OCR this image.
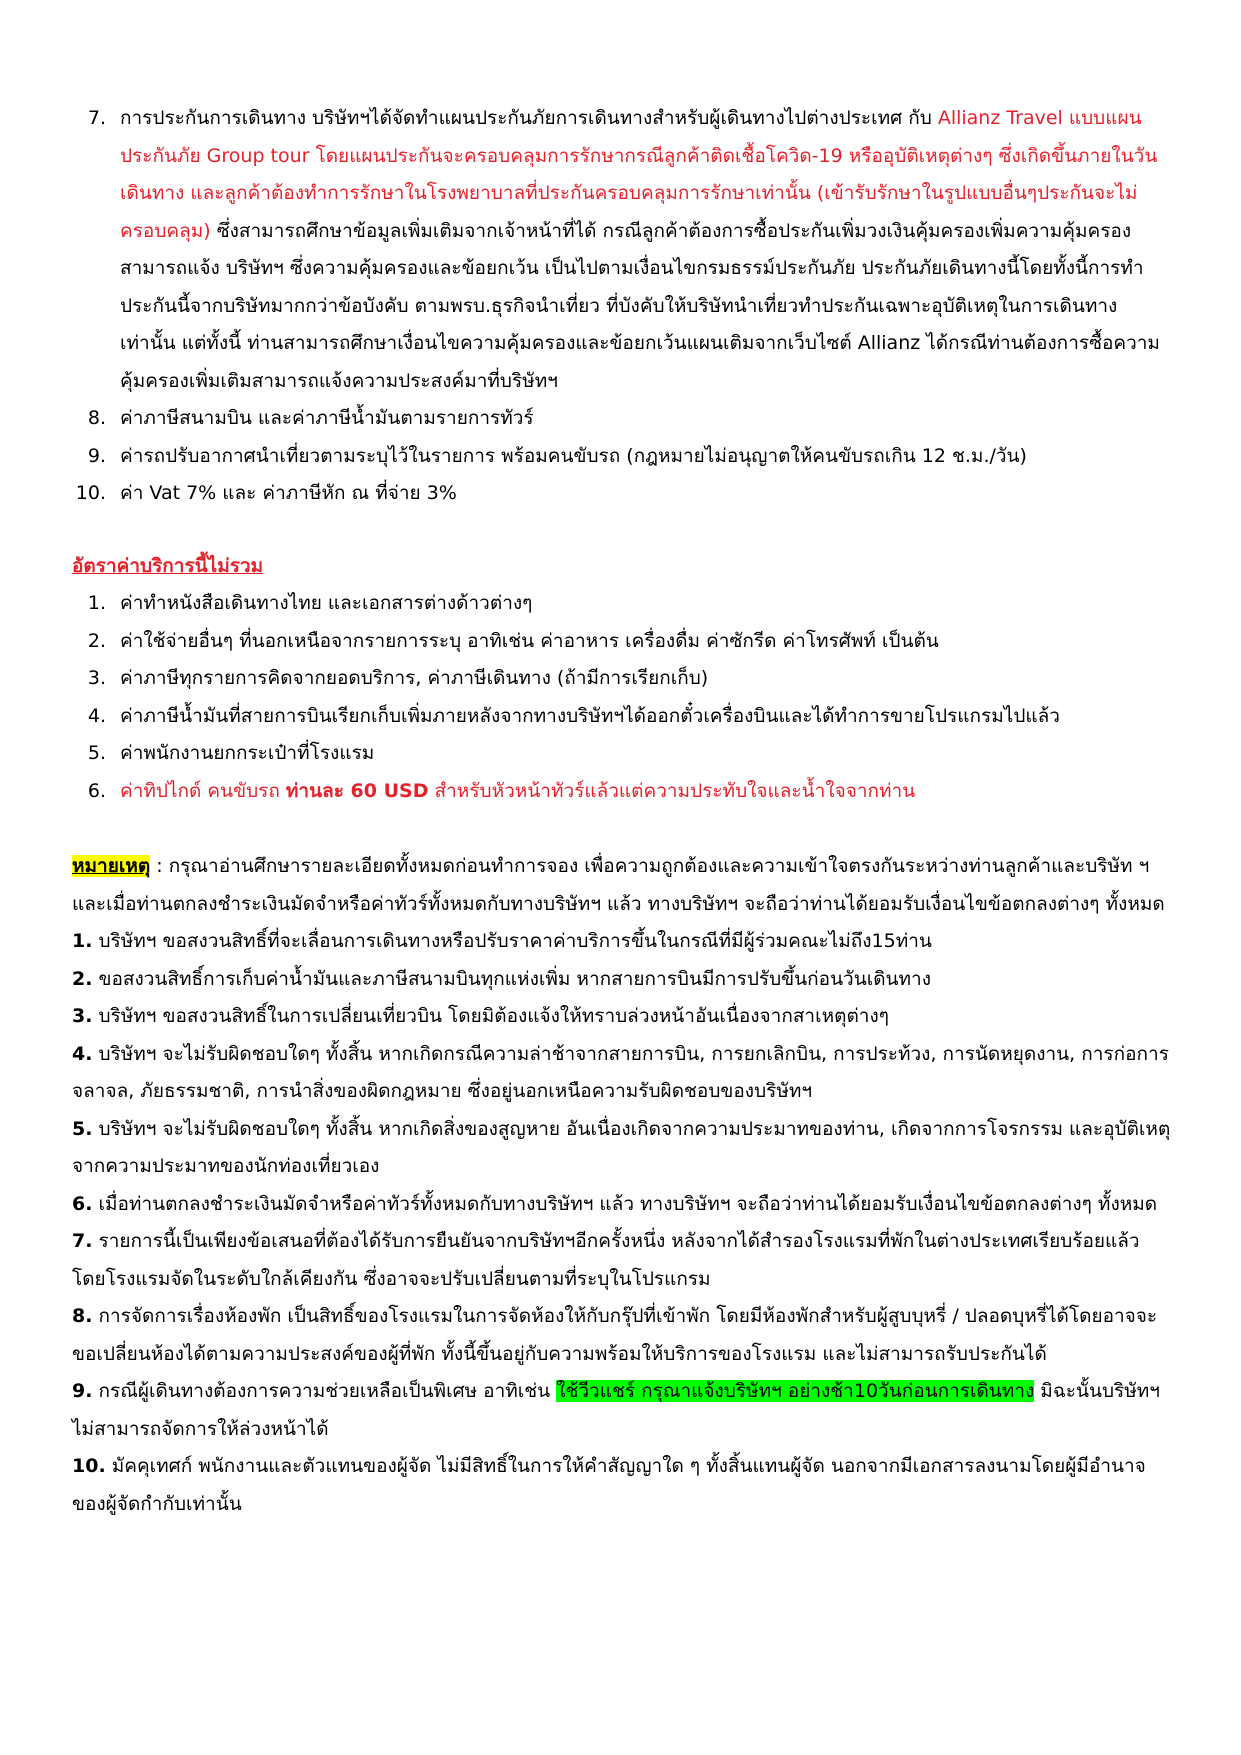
7. การประกันการเดินทาง บริษัทฯได้จัดทำแผนประกันภัยการเดินทางสำหรับผู้เดินทางไปต่างประเทศ กับ Allianz Travel แบบแผนประกันภัย Group tour โดยแผนประกันจะครอบคลุมการรักษากรณีลูกค้าติดเชื้อโควิด-19 หรืออุบัติเหตุต่างๆ ซึ่งเกิดขึ้นภายในวันเดินทาง และลูกค้าต้องทำการรักษาในโรงพยาบาลที่ประกันครอบคลุมการรักษาเท่านั้น (เข้ารับรักษาในรูปแบบอื่นๆประกันจะไม่ครอบคลุม) ซึ่งสามารถศึกษาข้อมูลเพิ่มเติมจากเจ้าหน้าที่ได้ กรณีลูกค้าต้องการซื้อประกันเพิ่มวงเงินคุ้มครองเพิ่มความคุ้มครอง สามารถแจ้ง บริษัทฯ ซึ่งความคุ้มครองและข้อยกเว้น เป็นไปตามเงื่อนไขกรมธรรม์ประกันภัย ประกันภัยเดินทางนี้โดยทั้งนี้การทำประกันนี้จากบริษัทมากกว่าข้อบังคับ ตามพรบ.ธุรกิจนำเที่ยว ที่บังคับให้บริษัทนำเที่ยวทำประกันเฉพาะอุบัติเหตุในการเดินทางเท่านั้น แต่ทั้งนี้ ท่านสามารถศึกษาเงื่อนไขความคุ้มครองและข้อยกเว้นแผนเติมจากเว็บไซต์ Allianz ได้กรณีท่านต้องการซื้อความคุ้มครองเพิ่มเติมสามารถแจ้งความประสงค์มาที่บริษัทฯ
8. ค่าภาษีสนามบิน และค่าภาษีน้ำมันตามรายการทัวร์
9. ค่ารถปรับอากาศนำเที่ยวตามระบุไว้ในรายการ พร้อมคนขับรถ (กฎหมายไม่อนุญาตให้คนขับรถเกิน 12 ช.ม./วัน)
10. ค่า Vat 7% และ ค่าภาษีหัก ณ ที่จ่าย 3%
อัตราค่าบริการนี้ไม่รวม
1. ค่าทำหนังสือเดินทางไทย และเอกสารต่างด้าวต่างๆ
2. ค่าใช้จ่ายอื่นๆ ที่นอกเหนือจากรายการระบุ อาทิเช่น ค่าอาหาร เครื่องดื่ม ค่าซักรีด ค่าโทรศัพท์ เป็นต้น
3. ค่าภาษีทุกรายการคิดจากยอดบริการ, ค่าภาษีเดินทาง (ถ้ามีการเรียกเก็บ)
4. ค่าภาษีน้ำมันที่สายการบินเรียกเก็บเพิ่มภายหลังจากทางบริษัทฯได้ออกตั๋วเครื่องบินและได้ทำการขายโปรแกรมไปแล้ว
5. ค่าพนักงานยกกระเป๋าที่โรงแรม
6. ค่าทิปไกด์ คนขับรถ ท่านละ 60 USD สำหรับหัวหน้าทัวร์แล้วแต่ความประทับใจและน้ำใจจากท่าน
หมายเหตุ : กรุณาอ่านศึกษารายละเอียดทั้งหมดก่อนทำการจอง เพื่อความถูกต้องและความเข้าใจตรงกันระหว่างท่านลูกค้าและบริษัท ฯ และเมื่อท่านตกลงชำระเงินมัดจำหรือค่าทัวร์ทั้งหมดกับทางบริษัทฯ แล้ว ทางบริษัทฯ จะถือว่าท่านได้ยอมรับเงื่อนไขข้อตกลงต่างๆ ทั้งหมด
1. บริษัทฯ ขอสงวนสิทธิ์ที่จะเลื่อนการเดินทางหรือปรับราคาค่าบริการขึ้นในกรณีที่มีผู้ร่วมคณะไม่ถึง15ท่าน
2. ขอสงวนสิทธิ์การเก็บค่าน้ำมันและภาษีสนามบินทุกแห่งเพิ่ม หากสายการบินมีการปรับขึ้นก่อนวันเดินทาง
3. บริษัทฯ ขอสงวนสิทธิ์ในการเปลี่ยนเที่ยวบิน โดยมิต้องแจ้งให้ทราบล่วงหน้าอันเนื่องจากสาเหตุต่างๆ
4. บริษัทฯ จะไม่รับผิดชอบใดๆ ทั้งสิ้น หากเกิดกรณีความล่าช้าจากสายการบิน, การยกเลิกบิน, การประท้วง, การนัดหยุดงาน, การก่อการจลาจล, ภัยธรรมชาติ, การนำสิ่งของผิดกฎหมาย ซึ่งอยู่นอกเหนือความรับผิดชอบของบริษัทฯ
5. บริษัทฯ จะไม่รับผิดชอบใดๆ ทั้งสิ้น หากเกิดสิ่งของสูญหาย อันเนื่องเกิดจากความประมาทของท่าน, เกิดจากการโจรกรรม และอุบัติเหตุจากความประมาทของนักท่องเที่ยวเอง
6. เมื่อท่านตกลงชำระเงินมัดจำหรือค่าทัวร์ทั้งหมดกับทางบริษัทฯ แล้ว ทางบริษัทฯ จะถือว่าท่านได้ยอมรับเงื่อนไขข้อตกลงต่างๆ ทั้งหมด
7. รายการนี้เป็นเพียงข้อเสนอที่ต้องได้รับการยืนยันจากบริษัทฯอีกครั้งหนึ่ง หลังจากได้สำรองโรงแรมที่พักในต่างประเทศเรียบร้อยแล้ว โดยโรงแรมจัดในระดับใกล้เคียงกัน ซึ่งอาจจะปรับเปลี่ยนตามที่ระบุในโปรแกรม
8. การจัดการเรื่องห้องพัก เป็นสิทธิ์ของโรงแรมในการจัดห้องให้กับกรุ๊ปที่เข้าพัก โดยมีห้องพักสำหรับผู้สูบบุหรี่ / ปลอดบุหรี่ได้โดยอาจจะขอเปลี่ยนห้องได้ตามความประสงค์ของผู้ที่พัก ทั้งนี้ขึ้นอยู่กับความพร้อมให้บริการของโรงแรม และไม่สามารถรับประกันได้
9. กรณีผู้เดินทางต้องการความช่วยเหลือเป็นพิเศษ อาทิเช่น ใช้วีวแชร์ กรุณาแจ้งบริษัทฯ อย่างช้า10วันก่อนการเดินทาง มิฉะนั้นบริษัทฯไม่สามารถจัดการให้ล่วงหน้าได้
10. มัคคุเทศก์ พนักงานและตัวแทนของผู้จัด ไม่มีสิทธิ์ในการให้คำสัญญาใด ๆ ทั้งสิ้นแทนผู้จัด นอกจากมีเอกสารลงนามโดยผู้มีอำนาจของผู้จัดกำกับเท่านั้น
